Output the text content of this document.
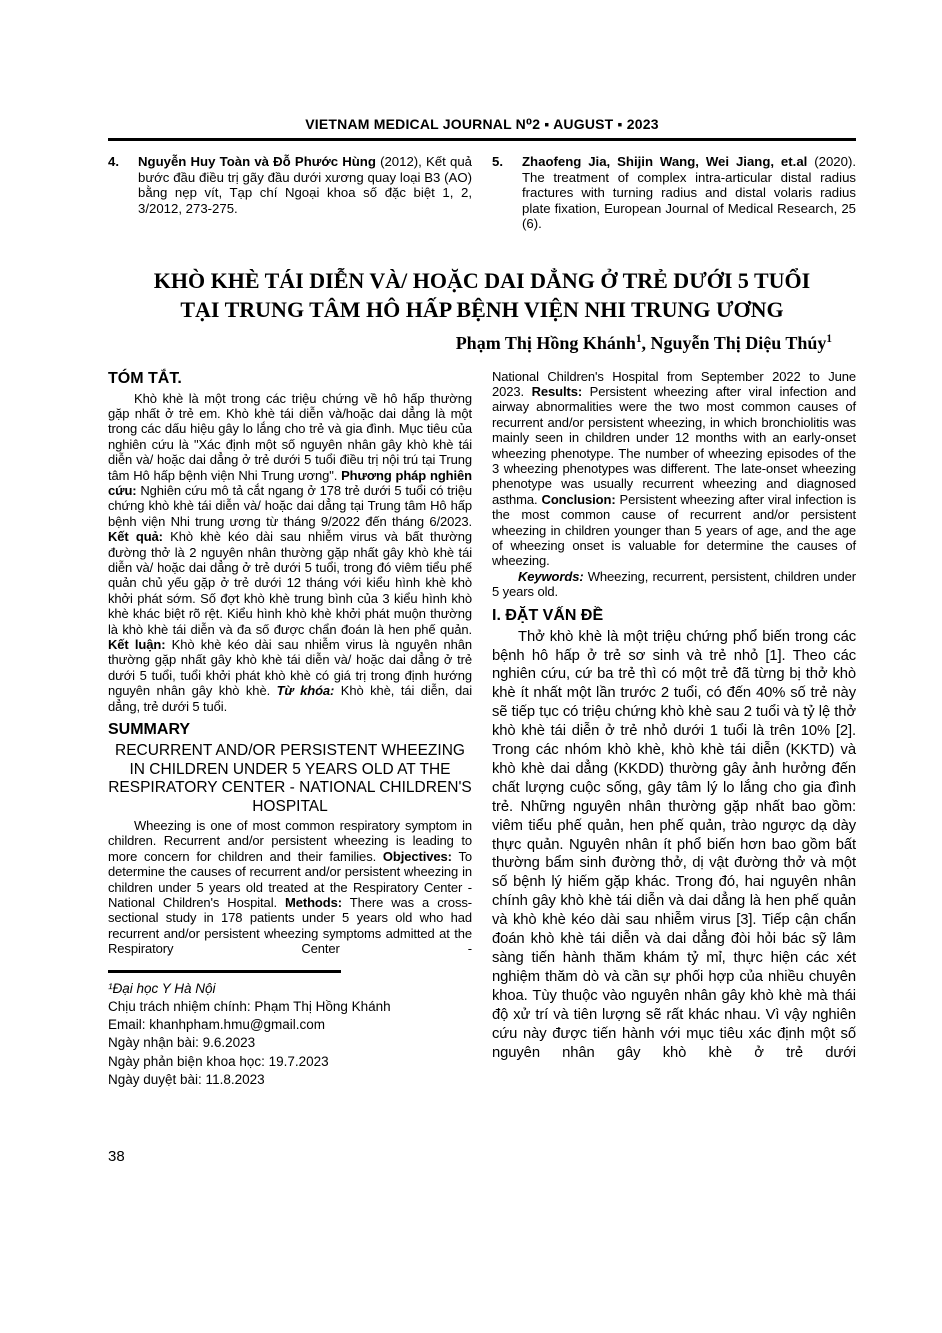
VIETNAM MEDICAL JOURNAL N⁰2 ▪ AUGUST ▪ 2023
4.	Nguyễn Huy Toàn và Đỗ Phước Hùng (2012), Kết quả bước đầu điều trị gãy đầu dưới xương quay loại B3 (AO) bằng nẹp vít, Tạp chí Ngoại khoa số đặc biệt 1, 2, 3/2012, 273-275.

5.	Zhaofeng Jia, Shijin Wang, Wei Jiang, et.al (2020). The treatment of complex intra-articular distal radius fractures with turning radius and distal volaris radius plate fixation, European Journal of Medical Research, 25 (6).

KHÒ KHÈ TÁI DIỄN VÀ/ HOẶC DAI DẲNG Ở TRẺ DƯỚI 5 TUỔI
TẠI TRUNG TÂM HÔ HẤP BỆNH VIỆN NHI TRUNG ƯƠNG
Phạm Thị Hồng Khánh$^1$, Nguyễn Thị Diệu Thúy$^1$
TÓM TẮT.

Khò khè là một trong các triệu chứng về hô hấp thường gặp nhất ở trẻ em. Khò khè tái diễn và/hoặc dai dẳng là một trong các dấu hiệu gây lo lắng cho trẻ và gia đình. Mục tiêu của nghiên cứu là "Xác định một số nguyên nhân gây khò khè tái diễn và/ hoặc dai dẳng ở trẻ dưới 5 tuổi điều trị nội trú tại Trung tâm Hô hấp bệnh viện Nhi Trung ương". Phương pháp nghiên cứu: Nghiên cứu mô tả cắt ngang ở 178 trẻ dưới 5 tuổi có triệu chứng khò khè tái diễn và/ hoặc dai dẳng tại Trung tâm Hô hấp bệnh viện Nhi trung ương từ tháng 9/2022 đến tháng 6/2023. Kết quả: Khò khè kéo dài sau nhiễm virus và bất thường đường thở là 2 nguyên nhân thường gặp nhất gây khò khè tái diễn và/ hoặc dai dẳng ở trẻ dưới 5 tuổi, trong đó viêm tiểu phế quản chủ yếu gặp ở trẻ dưới 12 tháng với kiểu hình khè khò khởi phát sớm. Số đợt khò khè trung bình của 3 kiểu hình khò khè khác biệt rõ rệt. Kiểu hình khò khè khởi phát muộn thường là khò khè tái diễn và đa số được chẩn đoán là hen phế quản. Kết luận: Khò khè kéo dài sau nhiễm virus là nguyên nhân thường gặp nhất gây khò khè tái diễn và/ hoặc dai dẳng ở trẻ dưới 5 tuổi, tuổi khởi phát khò khè có giá trị trong định hướng nguyên nhân gây khò khè. Từ khóa: Khò khè, tái diễn, dai dẳng, trẻ dưới 5 tuổi.

SUMMARY
RECURRENT AND/OR PERSISTENT WHEEZING IN CHILDREN UNDER 5 YEARS OLD AT THE RESPIRATORY CENTER - NATIONAL CHILDREN'S HOSPITAL

Wheezing is one of most common respiratory symptom in children. Recurrent and/or persistent wheezing is leading to more concern for children and their families. Objectives: To determine the causes of recurrent and/or persistent wheezing in children under 5 years old treated at the Respiratory Center - National Children's Hospital. Methods: There was a cross-sectional study in 178 patients under 5 years old who had recurrent and/or persistent wheezing symptoms admitted at the Respiratory Center -

¹Đại học Y Hà Nội
Chịu trách nhiệm chính: Phạm Thị Hồng Khánh
Email: khanhpham.hmu@gmail.com
Ngày nhận bài: 9.6.2023
Ngày phản biện khoa học: 19.7.2023
Ngày duyệt bài: 11.8.2023

National Children's Hospital from September 2022 to June 2023. Results: Persistent wheezing after viral infection and airway abnormalities were the two most common causes of recurrent and/or persistent wheezing, in which bronchiolitis was mainly seen in children under 12 months with an early-onset wheezing phenotype. The number of wheezing episodes of the 3 wheezing phenotypes was different. The late-onset wheezing phenotype was usually recurrent wheezing and diagnosed asthma. Conclusion: Persistent wheezing after viral infection is the most common cause of recurrent and/or persistent wheezing in children younger than 5 years of age, and the age of wheezing onset is valuable for determine the causes of wheezing.

Keywords: Wheezing, recurrent, persistent, children under 5 years old.

I. ĐẶT VẤN ĐỀ

Thở khò khè là một triệu chứng phổ biến trong các bệnh hô hấp ở trẻ sơ sinh và trẻ nhỏ [1]. Theo các nghiên cứu, cứ ba trẻ thì có một trẻ đã từng bị thở khò khè ít nhất một lần trước 2 tuổi, có đến 40% số trẻ này sẽ tiếp tục có triệu chứng khò khè sau 2 tuổi và tỷ lệ thở khò khè tái diễn ở trẻ nhỏ dưới 1 tuổi là trên 10% [2]. Trong các nhóm khò khè, khò khè tái diễn (KKTD) và khò khè dai dẳng (KKDD) thường gây ảnh hưởng đến chất lượng cuộc sống, gây tâm lý lo lắng cho gia đình trẻ. Những nguyên nhân thường gặp nhất bao gồm: viêm tiểu phế quản, hen phế quản, trào ngược dạ dày thực quản. Nguyên nhân ít phổ biến hơn bao gồm bất thường bẩm sinh đường thở, dị vật đường thở và một số bệnh lý hiếm gặp khác. Trong đó, hai nguyên nhân chính gây khò khè tái diễn và dai dẳng là hen phế quản và khò khè kéo dài sau nhiễm virus [3]. Tiếp cận chẩn đoán khò khè tái diễn và dai dẳng đòi hỏi bác sỹ lâm sàng tiến hành thăm khám tỷ mỉ, thực hiện các xét nghiệm thăm dò và cần sự phối hợp của nhiều chuyên khoa. Tùy thuộc vào nguyên nhân gây khò khè mà thái độ xử trí và tiên lượng sẽ rất khác nhau. Vì vậy nghiên cứu này được tiến hành với mục tiêu xác định một số nguyên nhân gây khò khè ở trẻ dưới

38
